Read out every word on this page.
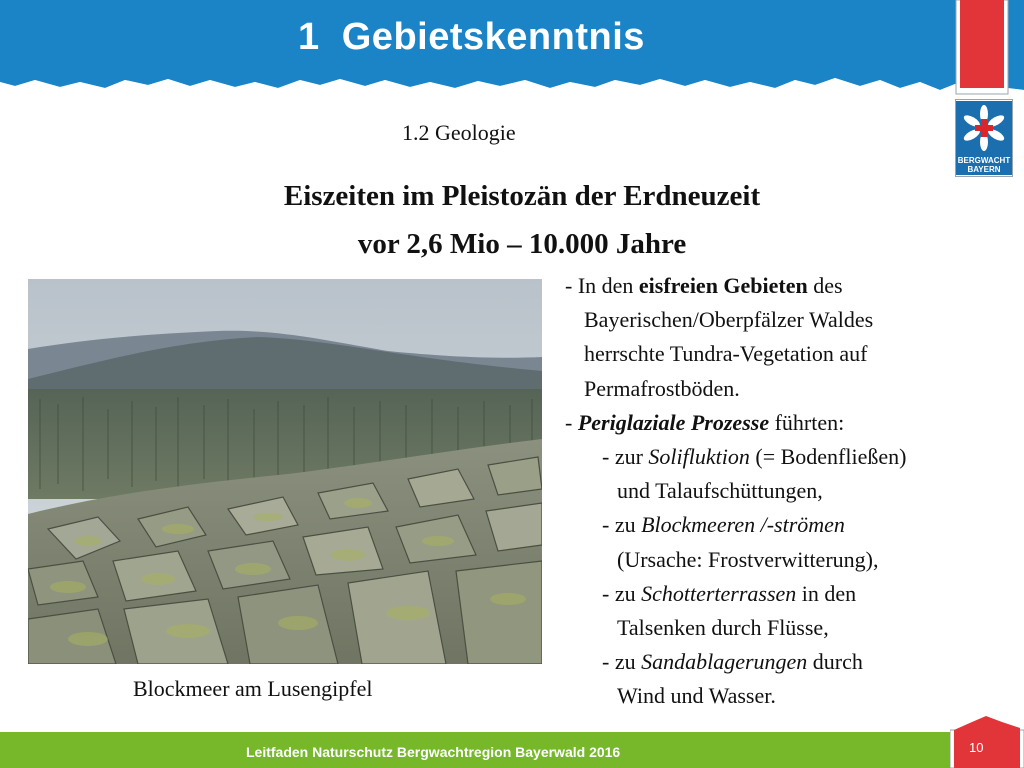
1  Gebietskenntnis
BERGWACHT
BAYERN
1.2 Geologie
Eiszeiten im Pleistozän der Erdneuzeit
vor 2,6 Mio – 10.000 Jahre
Blockmeer am Lusengipfel
- In den eisfreien Gebieten des
Bayerischen/Oberpfälzer Waldes
herrschte Tundra-Vegetation auf
Permafrostböden.
- Periglaziale Prozesse führten:
- zur Solifluktion (= Bodenfließen)
und Talaufschüttungen,
- zu Blockmeeren /-strömen
(Ursache: Frostverwitterung),
- zu Schotterterrassen in den
Talsenken durch Flüsse,
- zu Sandablagerungen durch
Wind und Wasser.
Leitfaden Naturschutz Bergwachtregion Bayerwald 2016	10
